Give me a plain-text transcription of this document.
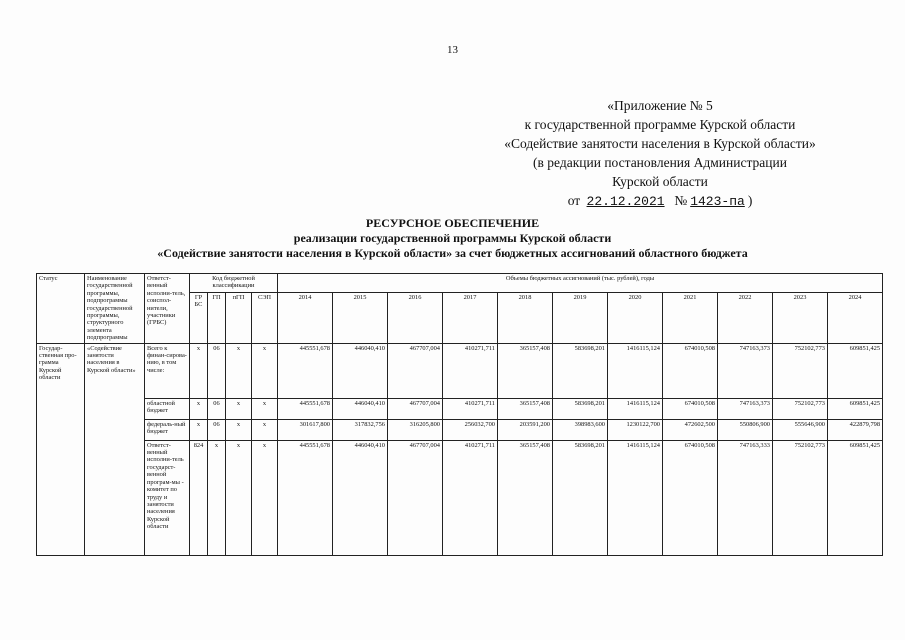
13
«Приложение № 5
к государственной программе Курской области
«Содействие занятости населения в Курской области»
(в редакции постановления Администрации
Курской области
от 22.12.2021 № 1423-па )
РЕСУРСНОЕ ОБЕСПЕЧЕНИЕ
реализации государственной программы Курской области
«Содействие занятости населения в Курской области» за счет бюджетных ассигнований областного бюджета
Статус	Наименование государственной программы, подпрограммы государственной программы, структурного элемента подпрограммы	Ответст-венный исполни-тель, соиспол-нители, участники (ГРБС)	Код бюджетной классификации				Объемы бюджетных ассигнований (тыс. рублей), годы										
			ГР БС	ГП	пГП	СЭП	2014	2015	2016	2017	2018	2019	2020	2021	2022	2023	2024
Государ-ственная про-грамма Курской области	«Содействие занятости населения в Курской области»	Всего к финан-сирова-нию, в том числе:	х	06	х	х	445551,678	446040,410	467707,004	410271,711	365157,408	583698,201	1416115,124	674010,508	747163,373	752102,773	609851,425
		областной бюджет	х	06	х	х	445551,678	446040,410	467707,004	410271,711	365157,408	583698,201	1416115,124	674010,508	747163,373	752102,773	609851,425
		федераль-ный бюджет	х	06	х	х	301617,800	317832,756	316205,800	256032,700	203591,200	398983,600	1230122,700	472602,500	550806,900	555646,900	422879,798
		Ответст-венный исполни-тель государст-венной програм-мы - комитет по труду и занятости населения Курской области	824	х	х	х	445551,678	446040,410	467707,004	410271,711	365157,408	583698,201	1416115,124	674010,508	747163,333	752102,773	609851,425
